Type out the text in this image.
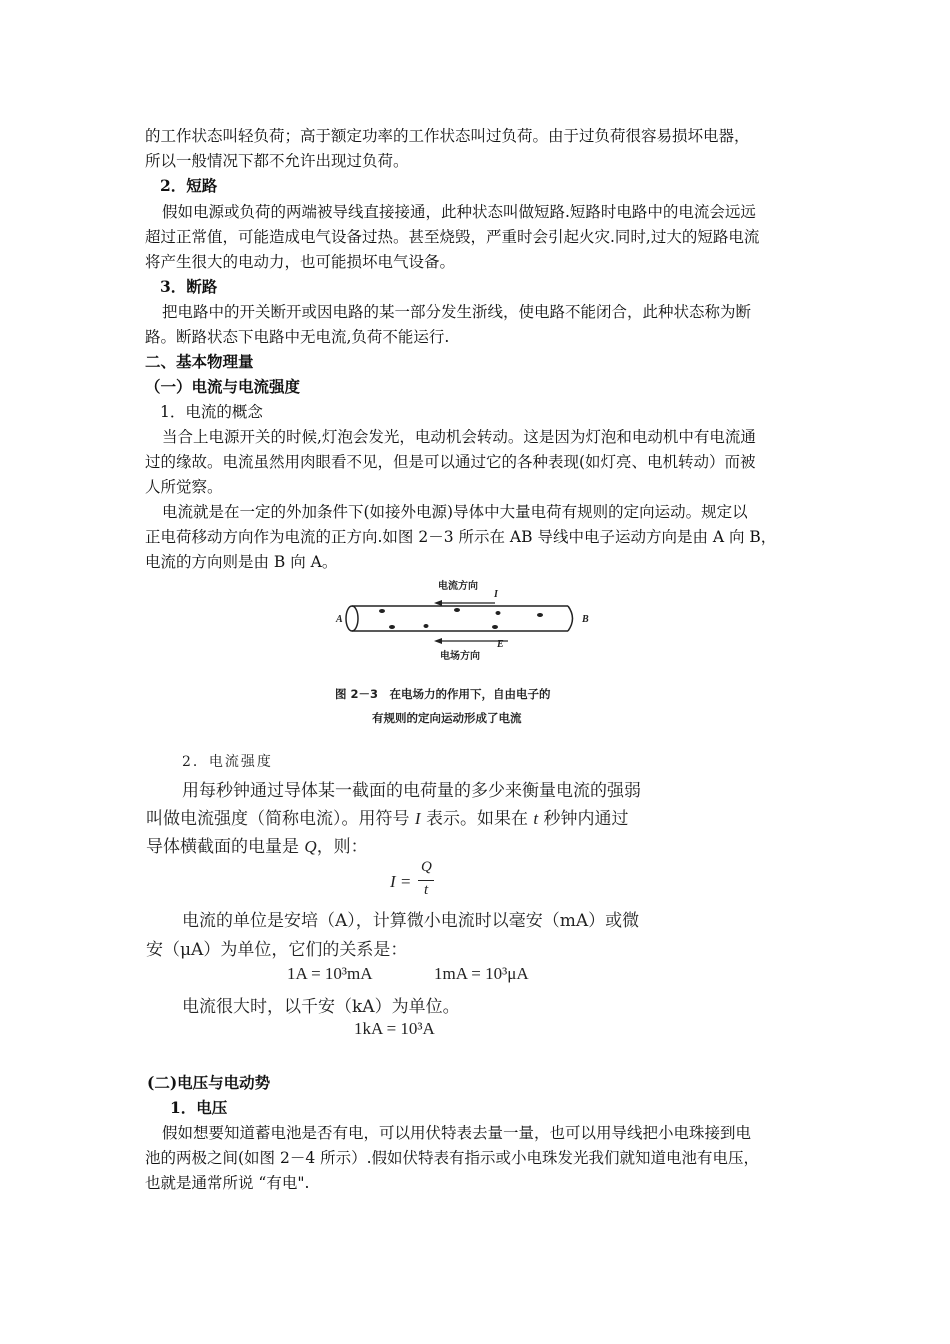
的工作状态叫轻负荷；高于额定功率的工作状态叫过负荷。由于过负荷很容易损坏电器，
所以一般情况下都不允许出现过负荷。
2．短路
假如电源或负荷的两端被导线直接接通，此种状态叫做短路.短路时电路中的电流会远远
超过正常值，可能造成电气设备过热。甚至烧毁，严重时会引起火灾.同时,过大的短路电流
将产生很大的电动力，也可能损坏电气设备。
3．断路
把电路中的开关断开或因电路的某一部分发生浙线，使电路不能闭合，此种状态称为断
路。断路状态下电路中无电流,负荷不能运行.
二、基本物理量
（一）电流与电流强度
1．电流的概念
当合上电源开关的时候,灯泡会发光，电动机会转动。这是因为灯泡和电动机中有电流通
过的缘故。电流虽然用肉眼看不见，但是可以通过它的各种表现(如灯亮、电机转动）而被
人所觉察。
电流就是在一定的外加条件下(如接外电源)导体中大量电荷有规则的定向运动。规定以
正电荷移动方向作为电流的正方向.如图 2－3 所示在 AB 导线中电子运动方向是由 A 向 B，
电流的方向则是由 B 向 A。
电流方向
I
A	B
E
电场方向
图 2－3　在电场力的作用下，自由电子的
有规则的定向运动形成了电流
2．电流强度
用每秒钟通过导体某一截面的电荷量的多少来衡量电流的强弱
叫做电流强度（简称电流）。用符号 I 表示。如果在 t 秒钟内通过
导体横截面的电量是 Q，则：
I =
Q
t
电流的单位是安培（A），计算微小电流时以毫安（mA）或微
安（μA）为单位，它们的关系是：
1A = 10³mA	1mA = 10³μA
电流很大时，以千安（kA）为单位。
1kA = 10³A
(二)电压与电动势
1．电压
假如想要知道蓄电池是否有电，可以用伏特表去量一量，也可以用导线把小电珠接到电
池的两极之间(如图 2－4 所示）.假如伏特表有指示或小电珠发光我们就知道电池有电压，
也就是通常所说 “有电".
